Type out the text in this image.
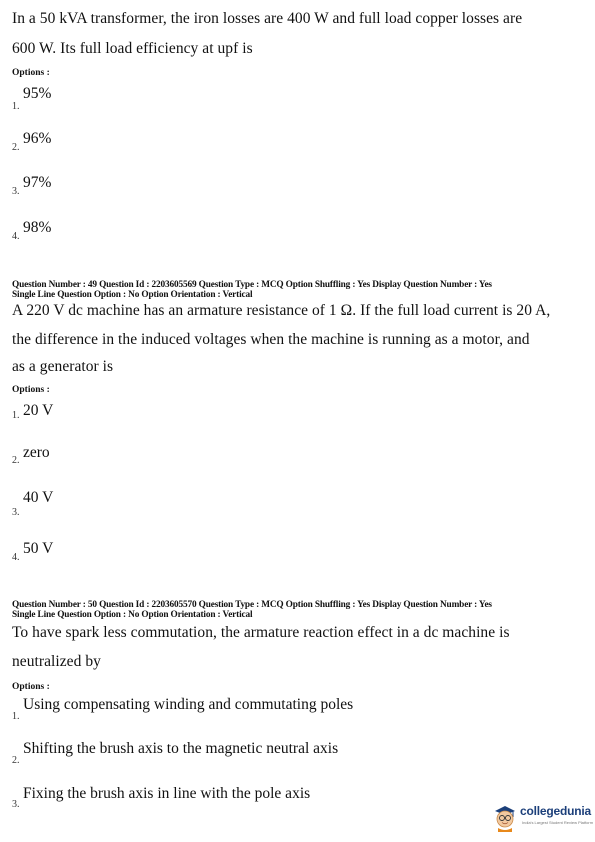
In a 50 kVA transformer, the iron losses are 400 W and full load copper losses are
600 W. Its full load efficiency at upf is
Options :
1.
95%
2.
96%
3.
97%
4.
98%
Question Number : 49 Question Id : 2203605569 Question Type : MCQ Option Shuffling : Yes Display Question Number : Yes
Single Line Question Option : No Option Orientation : Vertical
A 220 V dc machine has an armature resistance of 1 Ω. If the full load current is 20 A,
the difference in the induced voltages when the machine is running as a motor, and
as a generator is
Options :
1. 20 V
2. zero
3.
40 V
4.
50 V
Question Number : 50 Question Id : 2203605570 Question Type : MCQ Option Shuffling : Yes Display Question Number : Yes
Single Line Question Option : No Option Orientation : Vertical
To have spark less commutation, the armature reaction effect in a dc machine is
neutralized by
Options :
1.
Using compensating winding and commutating poles
2.
Shifting the brush axis to the magnetic neutral axis
3.
Fixing the brush axis in line with the pole axis
collegedunia
India's Largest Student Review Platform
